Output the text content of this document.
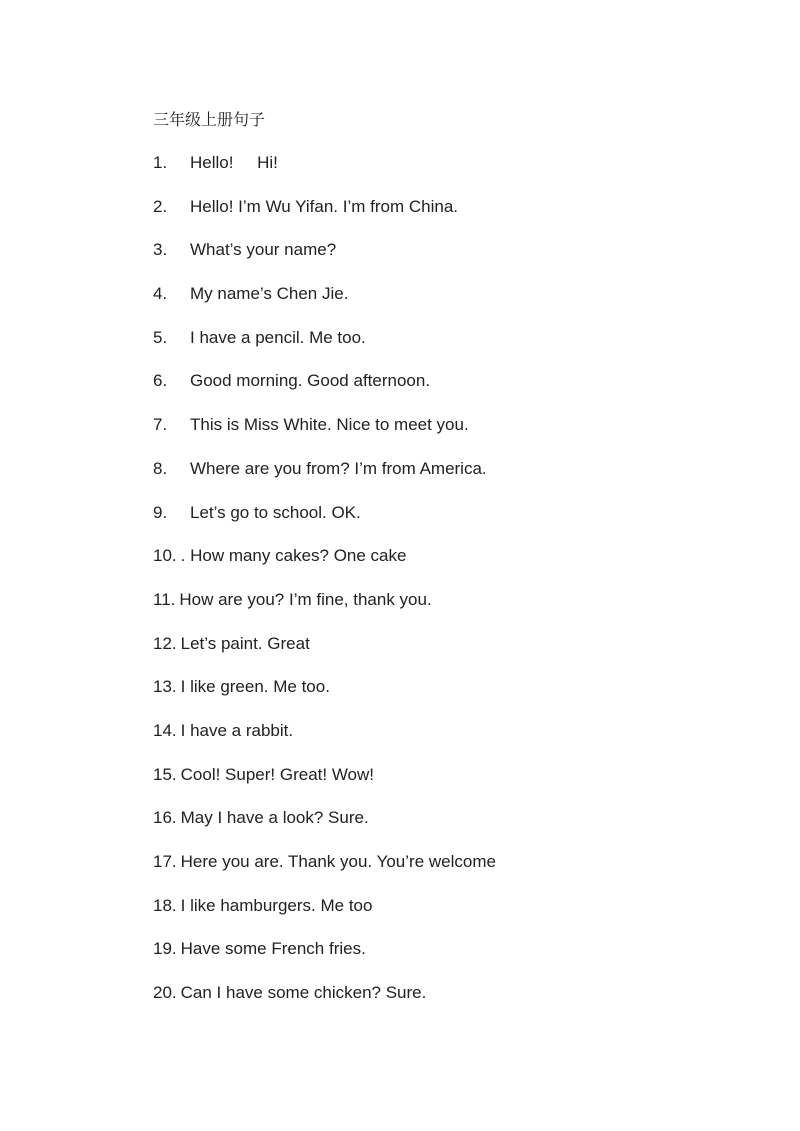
三年级上册句子
1.	Hello!     Hi!
2.	Hello! I’m Wu Yifan. I’m from China.
3.	What’s your name?
4.	My name’s Chen Jie.
5.	I have a pencil. Me too.
6.	Good morning. Good afternoon.
7.	This is Miss White. Nice to meet you.
8.	Where are you from? I’m from America.
9.	Let’s go to school. OK.
10. . How many cakes? One cake
11. How are you? I’m fine, thank you.
12. Let’s paint. Great
13. I like green. Me too.
14. I have a rabbit.
15. Cool! Super! Great! Wow!
16. May I have a look? Sure.
17. Here you are. Thank you. You’re welcome
18. I like hamburgers. Me too
19. Have some French fries.
20. Can I have some chicken? Sure.
